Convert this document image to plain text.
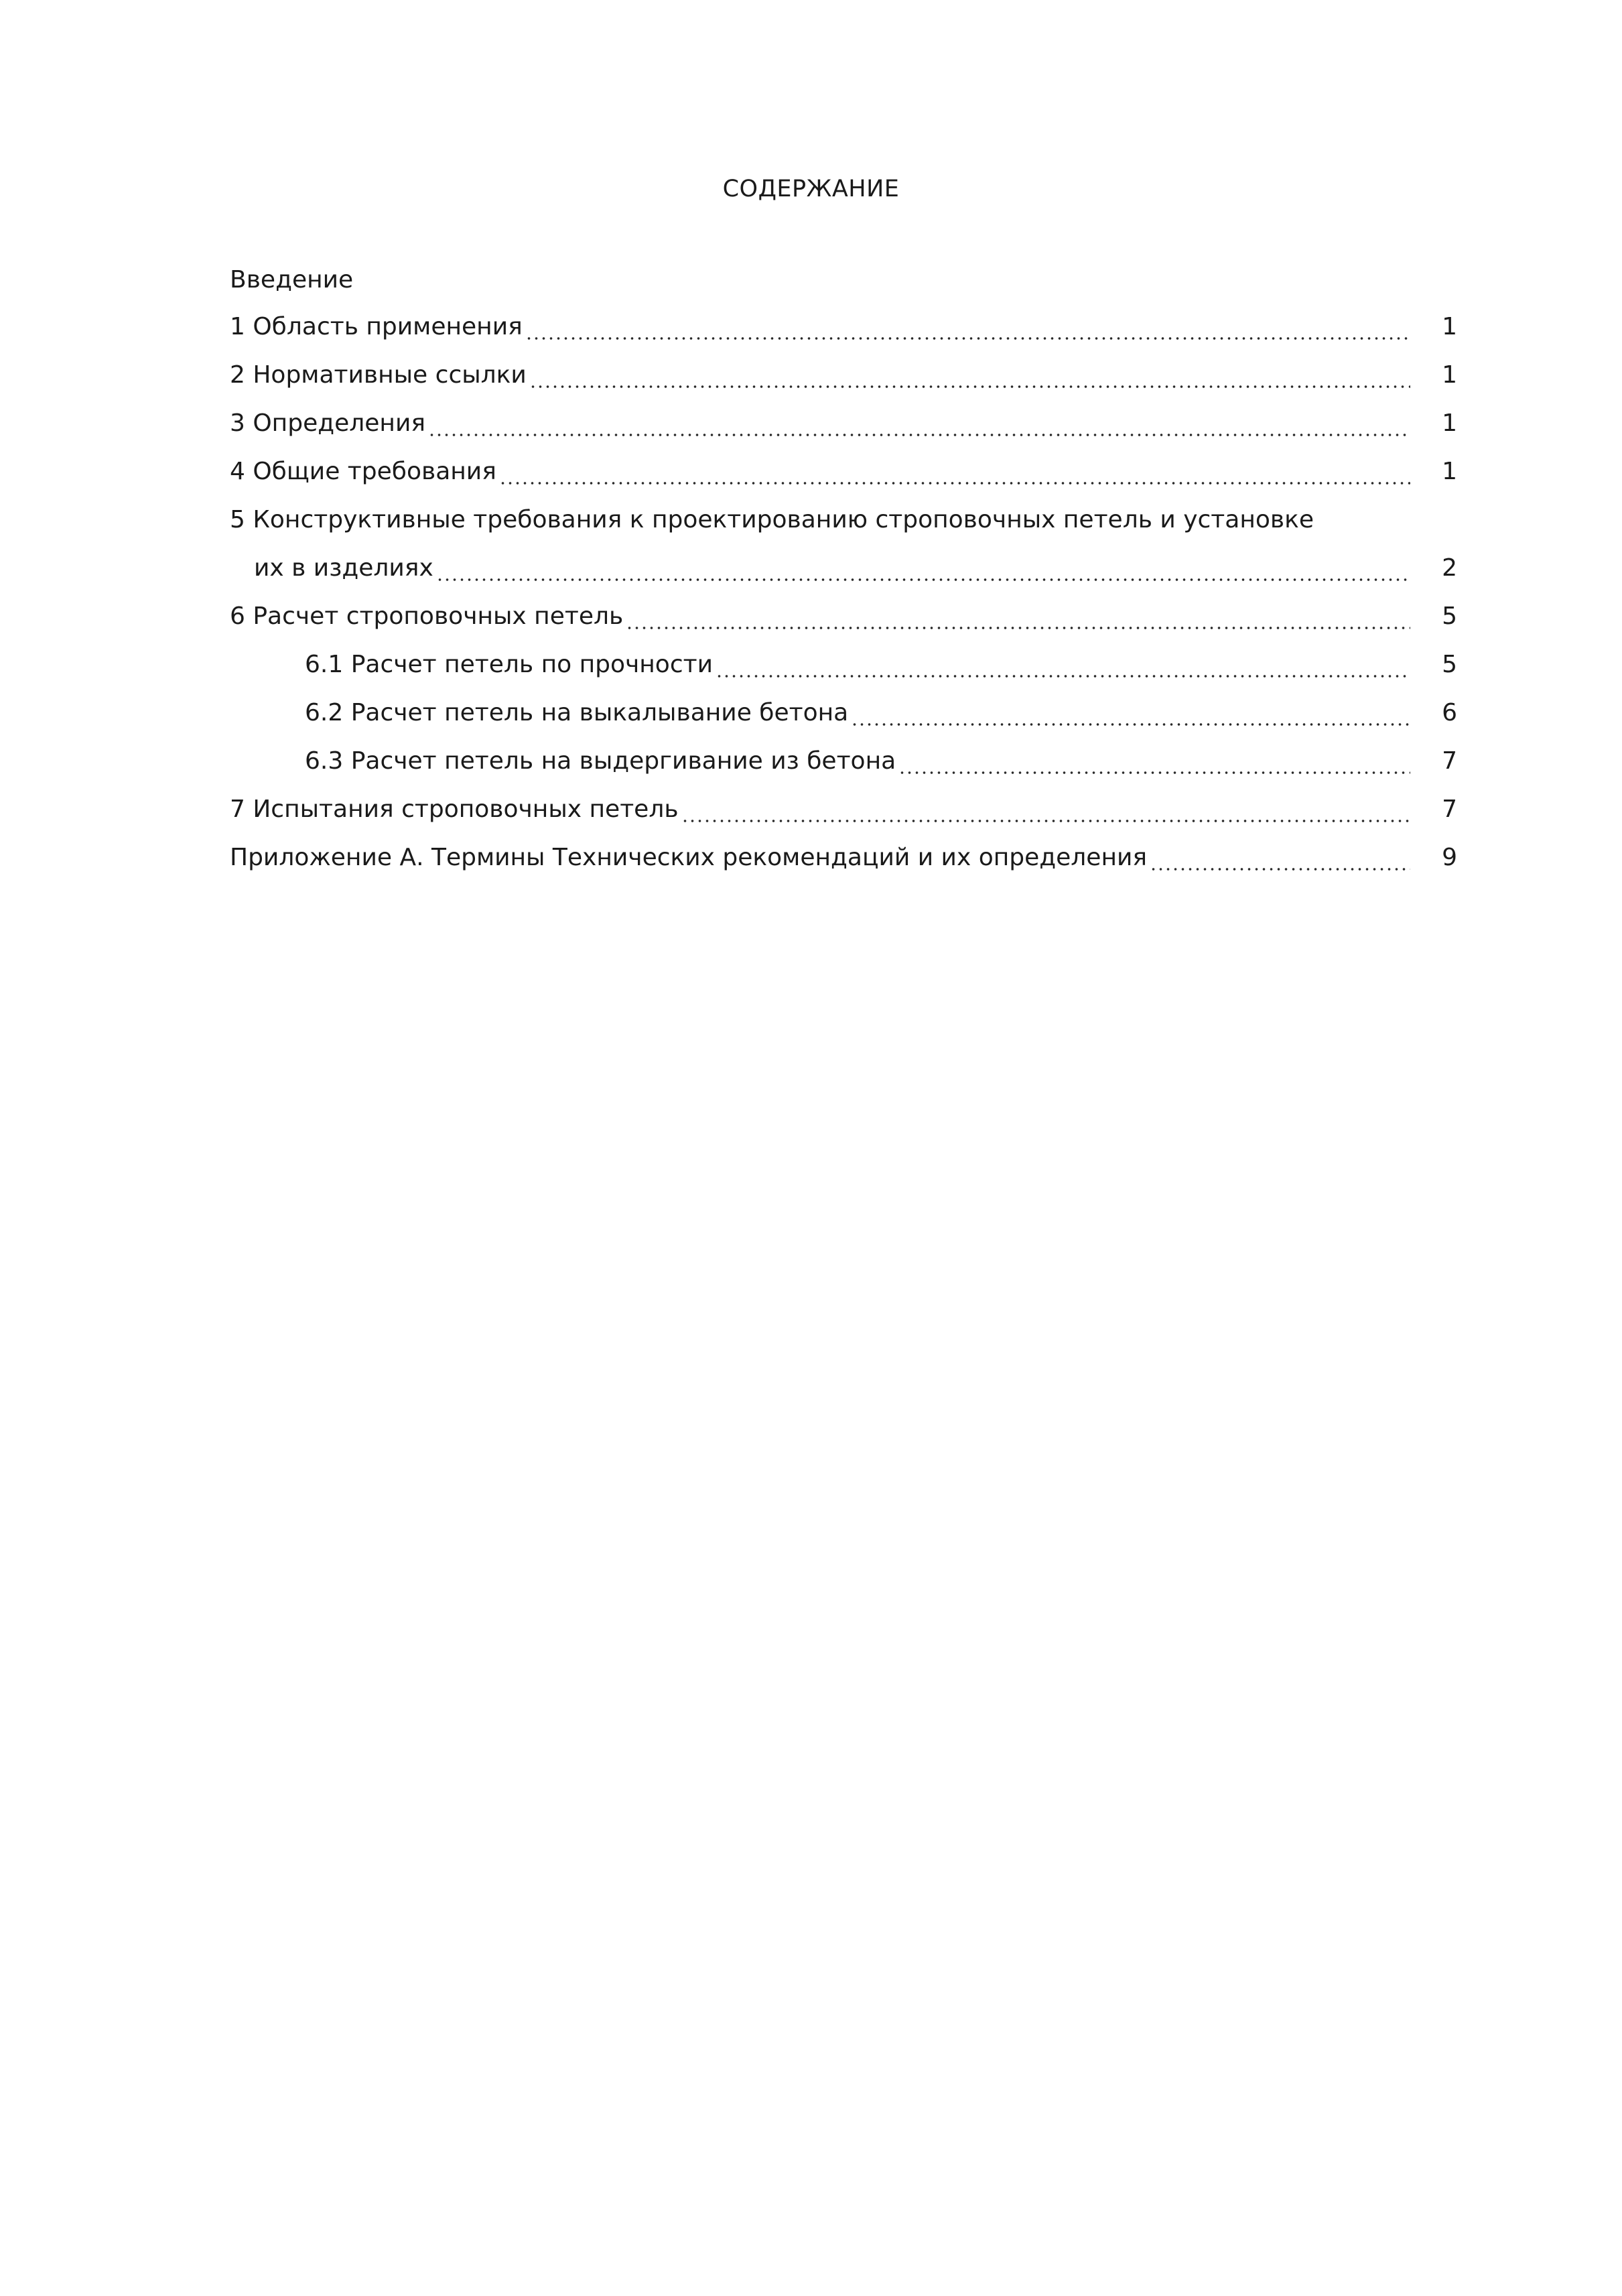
СОДЕРЖАНИЕ
Введение
1 Область применения	1
2 Нормативные ссылки	1
3 Определения	1
4 Общие требования	1
5 Конструктивные требования к проектированию строповочных петель и установке
их в изделиях	2
6 Расчет строповочных петель	5
6.1 Расчет петель по прочности	5
6.2 Расчет петель на выкалывание бетона	6
6.3 Расчет петель на выдергивание из бетона	7
7 Испытания строповочных петель	7
Приложение А. Термины Технических рекомендаций и их определения	9
